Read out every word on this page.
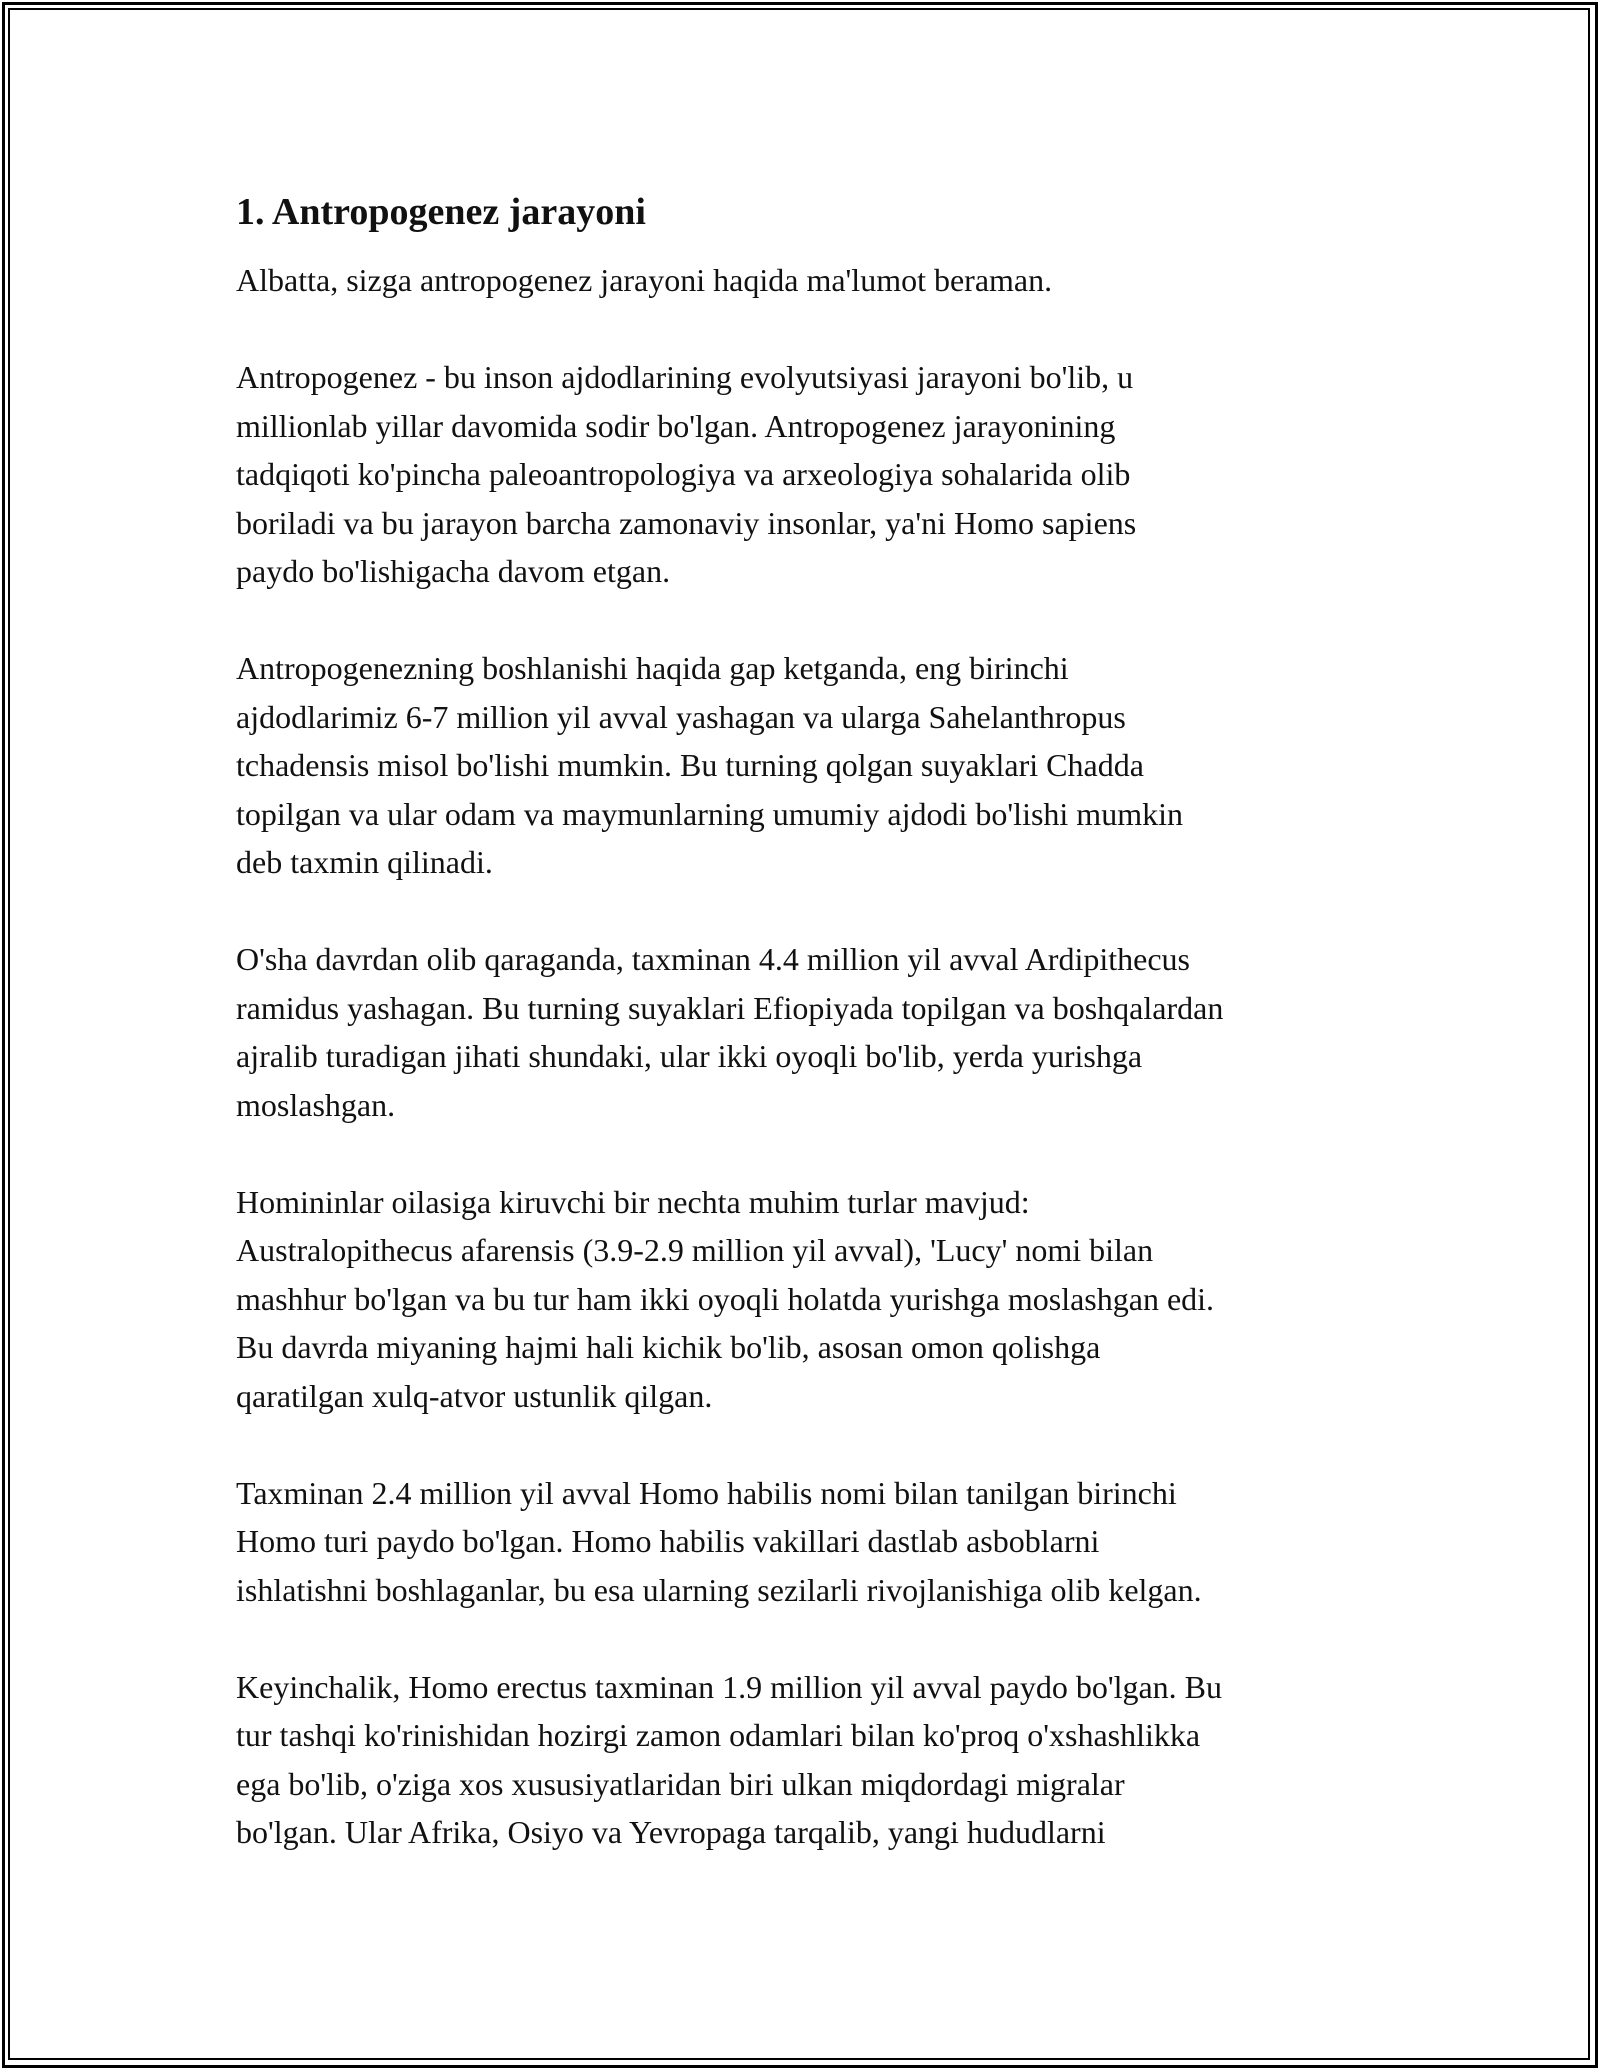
1. Antropogenez jarayoni
Albatta, sizga antropogenez jarayoni haqida ma'lumot beraman.
Antropogenez - bu inson ajdodlarining evolyutsiyasi jarayoni bo'lib, u
millionlab yillar davomida sodir bo'lgan. Antropogenez jarayonining
tadqiqoti ko'pincha paleoantropologiya va arxeologiya sohalarida olib
boriladi va bu jarayon barcha zamonaviy insonlar, ya'ni Homo sapiens
paydo bo'lishigacha davom etgan.
Antropogenezning boshlanishi haqida gap ketganda, eng birinchi
ajdodlarimiz 6-7 million yil avval yashagan va ularga Sahelanthropus
tchadensis misol bo'lishi mumkin. Bu turning qolgan suyaklari Chadda
topilgan va ular odam va maymunlarning umumiy ajdodi bo'lishi mumkin
deb taxmin qilinadi.
O'sha davrdan olib qaraganda, taxminan 4.4 million yil avval Ardipithecus
ramidus yashagan. Bu turning suyaklari Efiopiyada topilgan va boshqalardan
ajralib turadigan jihati shundaki, ular ikki oyoqli bo'lib, yerda yurishga
moslashgan.
Homininlar oilasiga kiruvchi bir nechta muhim turlar mavjud:
Australopithecus afarensis (3.9-2.9 million yil avval), 'Lucy' nomi bilan
mashhur bo'lgan va bu tur ham ikki oyoqli holatda yurishga moslashgan edi.
Bu davrda miyaning hajmi hali kichik bo'lib, asosan omon qolishga
qaratilgan xulq-atvor ustunlik qilgan.
Taxminan 2.4 million yil avval Homo habilis nomi bilan tanilgan birinchi
Homo turi paydo bo'lgan. Homo habilis vakillari dastlab asboblarni
ishlatishni boshlaganlar, bu esa ularning sezilarli rivojlanishiga olib kelgan.
Keyinchalik, Homo erectus taxminan 1.9 million yil avval paydo bo'lgan. Bu
tur tashqi ko'rinishidan hozirgi zamon odamlari bilan ko'proq o'xshashlikka
ega bo'lib, o'ziga xos xususiyatlaridan biri ulkan miqdordagi migralar
bo'lgan. Ular Afrika, Osiyo va Yevropaga tarqalib, yangi hududlarni
